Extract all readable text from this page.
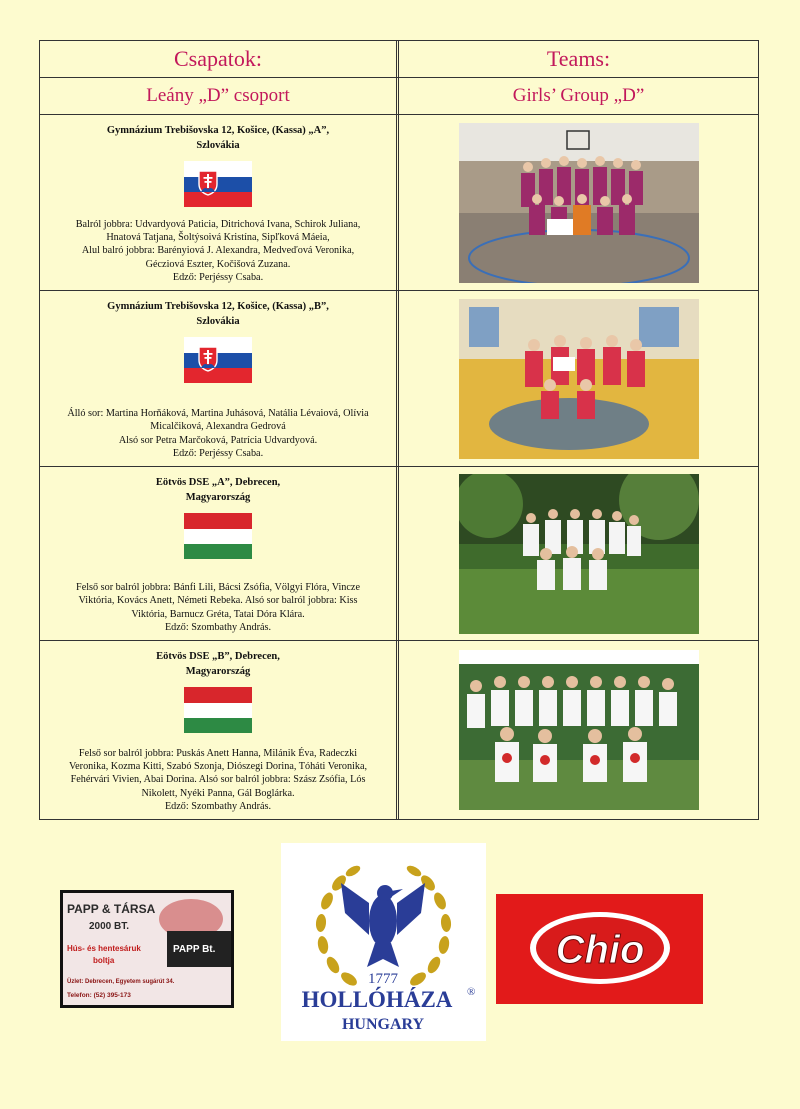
Csapatok:	Teams:
Leány „D” csoport	Girls’ Group „D”
Gymnázium Trebišovska 12, Košice, (Kassa) „A”,
Szlovákia
Balról jobbra: Udvardyová Paticia, Ditrichová Ivana, Schirok Juliana,
Hnatová Tatjana, Šoltýsoivá Kristína, Sipľková Máeia,
Alul balró jobbra: Barényiová J. Alexandra, Medveďová Veronika,
Gécziová Eszter, Kočišová Zuzana.
Edző: Perjéssy Csaba.
Gymnázium Trebišovska 12, Košice, (Kassa) „B”,
Szlovákia
Álló sor: Martina Horňáková, Martina Juhásová, Natália Lévaiová, Olívia
Micalčiková, Alexandra Gedrová
Alsó sor Petra Marčoková, Patrícia Udvardyová.
Edző: Perjéssy Csaba.
Eötvös DSE „A”, Debrecen,
Magyarország
Felső sor balról jobbra: Bánfi Lili, Bácsi Zsófia, Völgyi Flóra, Vincze
Viktória, Kovács Anett, Németi Rebeka. Alsó sor balról jobbra: Kiss
Viktória, Barnucz Gréta, Tatai Dóra Klára.
Edző: Szombathy András.
Eötvös DSE „B”, Debrecen,
Magyarország
Felső sor balról jobbra: Puskás Anett Hanna, Milánik Éva, Radeczki
Veronika, Kozma Kitti, Szabó Szonja, Diószegi Dorina, Tóháti Veronika,
Fehérvári Vivien, Abai Dorina. Alsó sor balról jobbra: Szász Zsófia, Lós
Nikolett, Nyéki Panna, Gál Boglárka.
Edző: Szombathy András.
PAPP & TÁRSA
2000 BT.
PAPP Bt.
Hús- és hentesáruk
boltja
Üzlet: Debrecen, Egyetem sugárút 34.
Telefon: (52) 395-173
1777
HOLLÓHÁZA ®
HUNGARY
Chio
